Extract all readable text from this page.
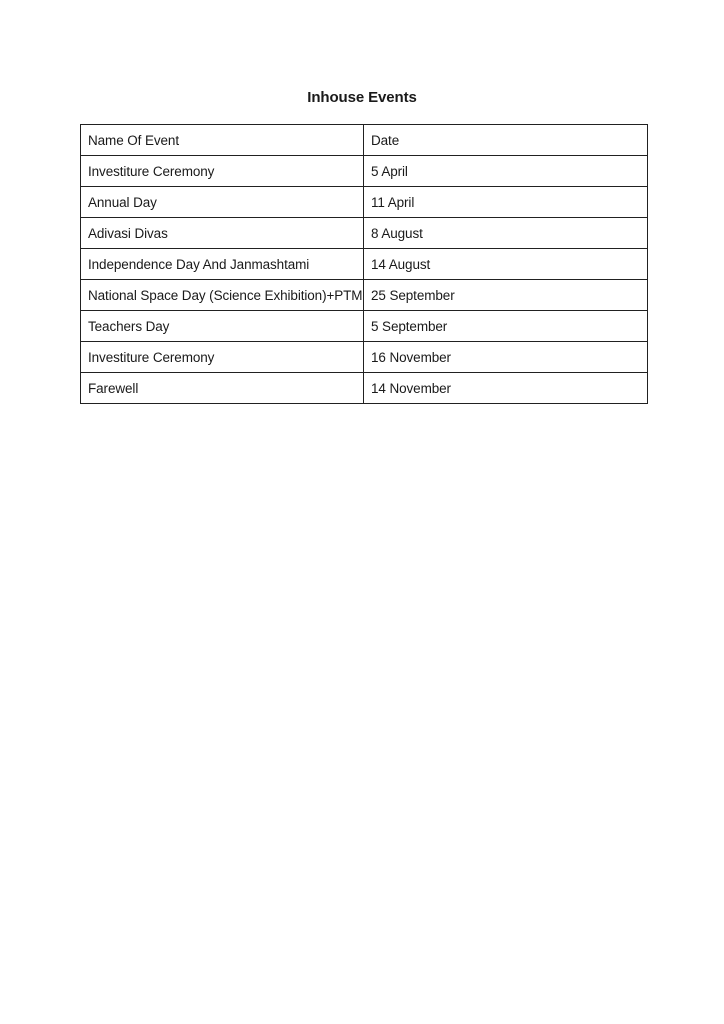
Inhouse Events
Name Of Event	Date
Investiture Ceremony	5 April
Annual Day	11 April
Adivasi Divas	8 August
Independence Day And Janmashtami	14 August
National Space Day (Science Exhibition)+PTM	25 September
Teachers Day	5 September
Investiture Ceremony	16 November
Farewell	14 November
